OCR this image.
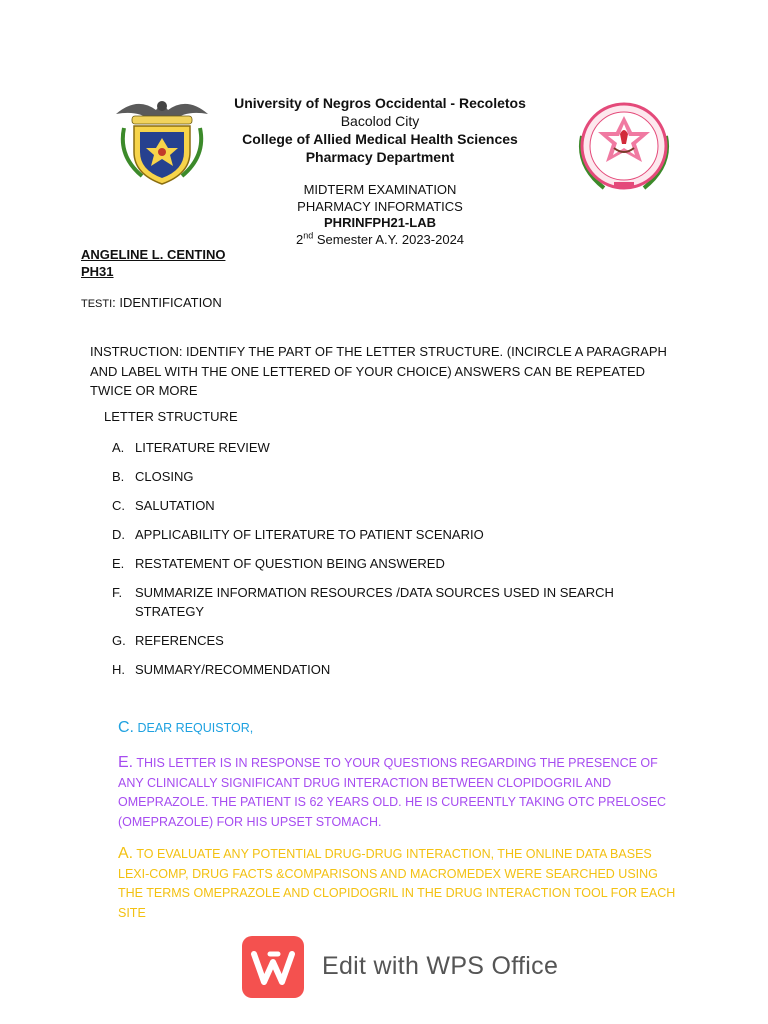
University of Negros Occidental - Recoletos
Bacolod City
College of Allied Medical Health Sciences
Pharmacy Department
MIDTERM EXAMINATION
PHARMACY INFORMATICS
PHRINFPH21-LAB
2nd Semester A.Y. 2023-2024
ANGELINE L. CENTINO
PH31
TESTI: IDENTIFICATION
INSTRUCTION: IDENTIFY THE PART OF THE LETTER STRUCTURE. (INCIRCLE A PARAGRAPH AND LABEL WITH THE ONE LETTERED OF YOUR CHOICE) ANSWERS CAN BE REPEATED TWICE OR MORE
LETTER STRUCTURE
A. LITERATURE REVIEW
B. CLOSING
C. SALUTATION
D. APPLICABILITY OF LITERATURE TO PATIENT SCENARIO
E. RESTATEMENT OF QUESTION BEING ANSWERED
F. SUMMARIZE INFORMATION RESOURCES /DATA SOURCES USED IN SEARCH STRATEGY
G. REFERENCES
H. SUMMARY/RECOMMENDATION
C. DEAR REQUISTOR,
E. THIS LETTER IS IN RESPONSE TO YOUR QUESTIONS REGARDING THE PRESENCE OF ANY CLINICALLY SIGNIFICANT DRUG INTERACTION BETWEEN CLOPIDOGRIL AND OMEPRAZOLE. THE PATIENT IS 62 YEARS OLD. HE IS CUREENTLY TAKING OTC PRELOSEC (OMEPRAZOLE) FOR HIS UPSET STOMACH.
A. TO EVALUATE ANY POTENTIAL DRUG-DRUG INTERACTION, THE ONLINE DATA BASES LEXI-COMP, DRUG FACTS &COMPARISONS AND MACROMEDEX WERE SEARCHED USING THE TERMS OMEPRAZOLE AND CLOPIDOGRIL IN THE DRUG INTERACTION TOOL FOR EACH SITE
Edit with WPS Office
